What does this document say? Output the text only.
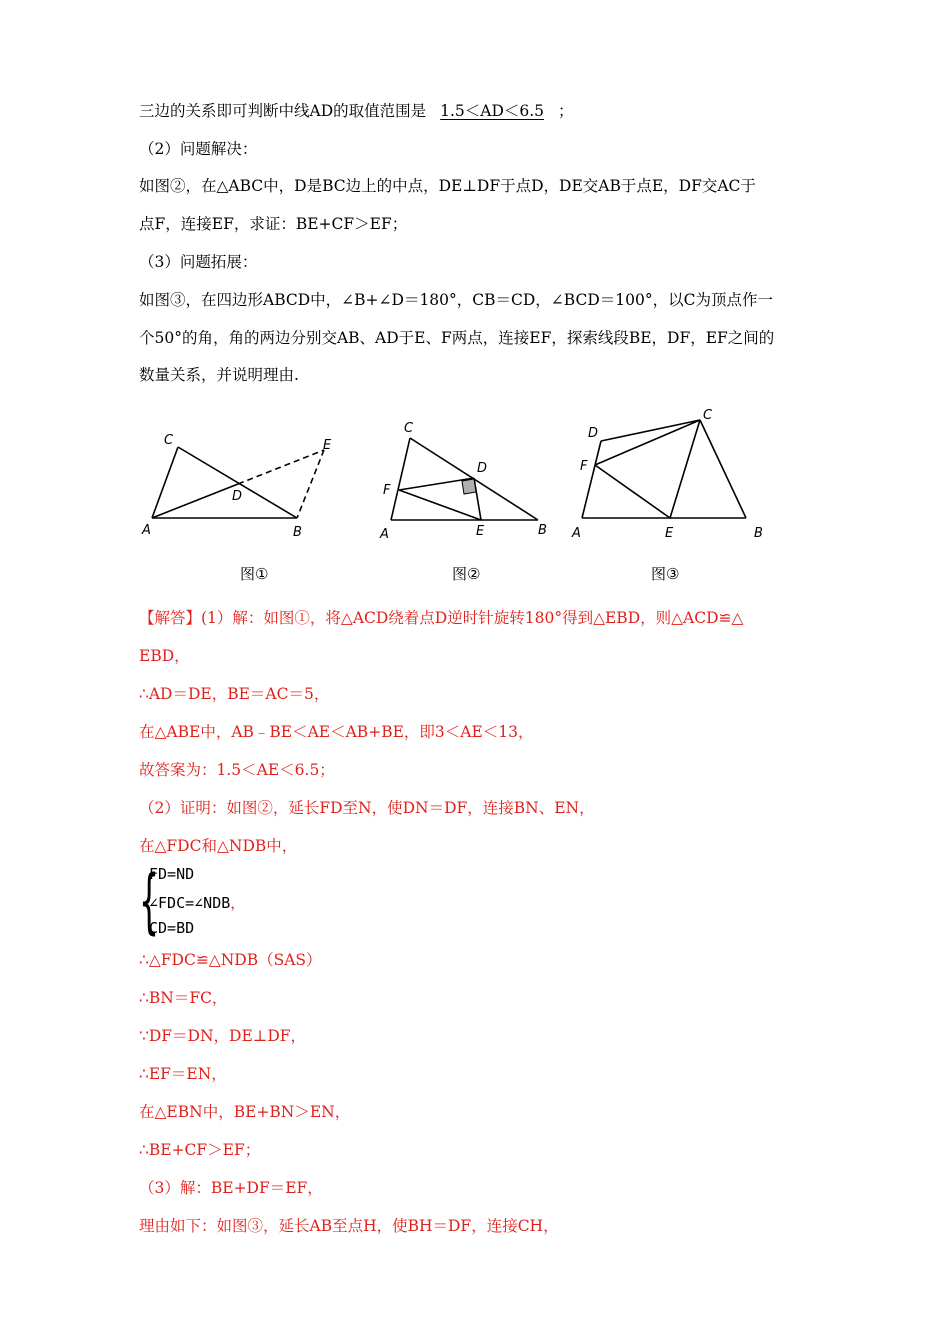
三边的关系即可判断中线AD的取值范围是 1.5＜AD＜6.5 ；
（2）问题解决：
如图②，在△ABC中，D是BC边上的中点，DE⊥DF于点D，DE交AB于点E，DF交AC于
点F，连接EF，求证：BE+CF＞EF；
（3）问题拓展：
如图③，在四边形ABCD中，∠B+∠D＝180°，CB＝CD，∠BCD＝100°，以C为顶点作一
个50°的角，角的两边分别交AB、AD于E、F两点，连接EF，探索线段BE，DF，EF之间的
数量关系，并说明理由.
C	E
D
A	B
图①
C
D
F
A	E	B
图②
C
D
F
A	E	B
图③
【解答】(1）解：如图①，将△ACD绕着点D逆时针旋转180°得到△EBD，则△ACD≌△
EBD，
∴AD＝DE，BE＝AC＝5，
在△ABE中，AB﹣BE＜AE＜AB+BE，即3＜AE＜13，
故答案为：1.5＜AE＜6.5；
（2）证明：如图②，延长FD至N，使DN＝DF，连接BN、EN，
在△FDC和△NDB中，
{
FD=ND
∠FDC=∠NDB，
CD=BD
∴△FDC≌△NDB（SAS）
∴BN＝FC，
∵DF＝DN，DE⊥DF，
∴EF＝EN，
在△EBN中，BE+BN＞EN，
∴BE+CF＞EF；
（3）解：BE+DF＝EF，
理由如下：如图③，延长AB至点H，使BH＝DF，连接CH，
